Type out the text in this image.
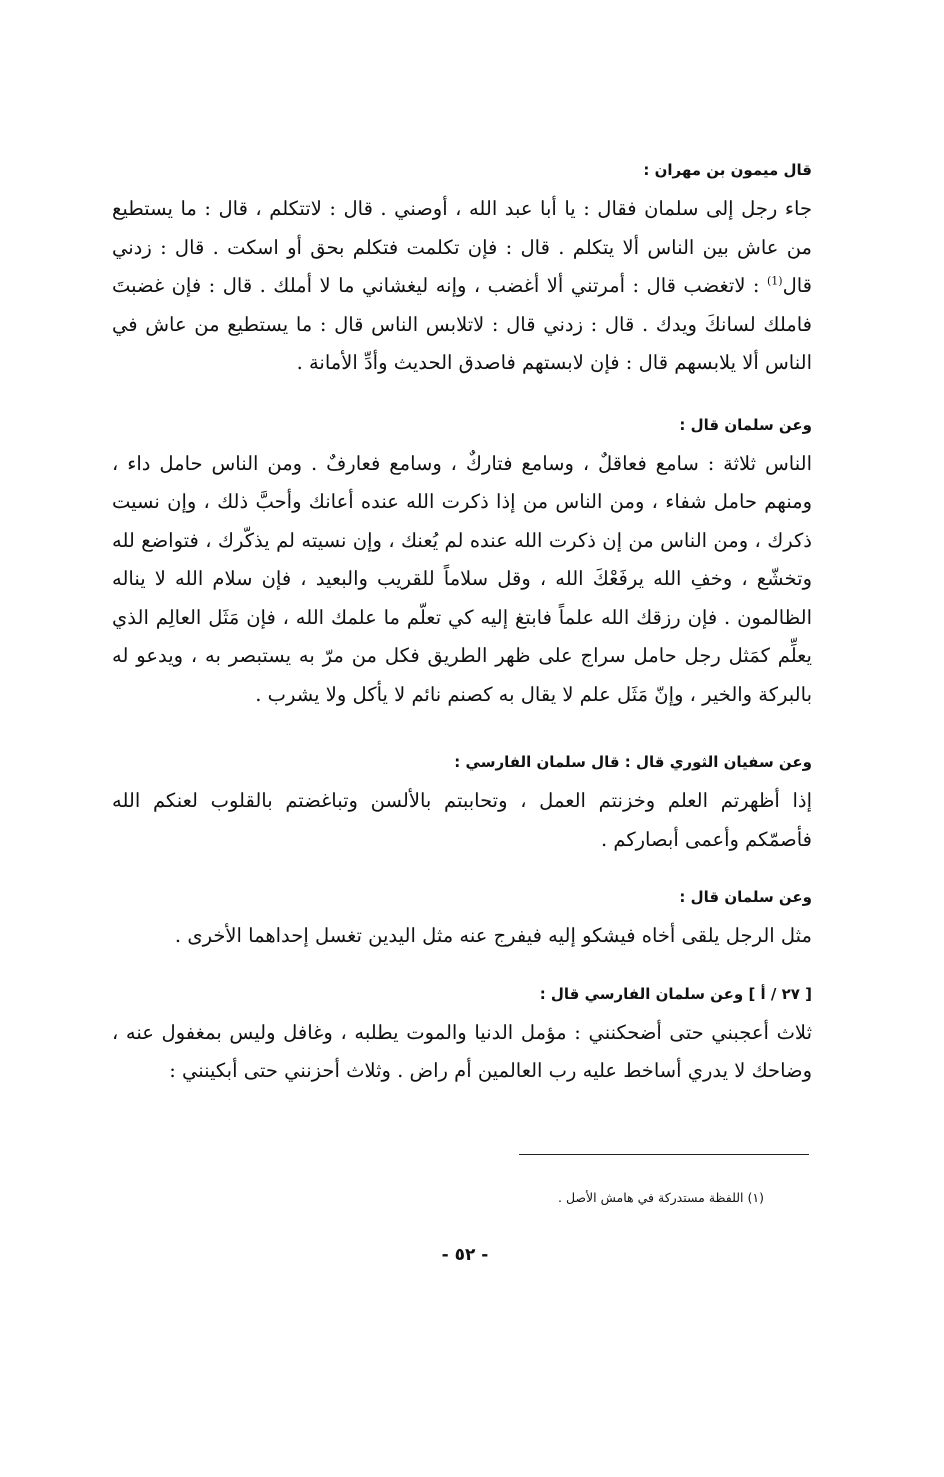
قال ميمون بن مهران :

جاء رجل إلى سلمان فقال : يا أبا عبد الله ، أوصني . قال : لاتتكلم ، قال : ما يستطيع من عاش بين الناس ألا يتكلم . قال : فإن تكلمت فتكلم بحق أو اسكت . قال : زدني قال$^{(1)}$ : لاتغضب قال : أمرتني ألا أغضب ، وإنه ليغشاني ما لا أملك . قال : فإن غضبتَ فاملك لسانكَ ويدك . قال : زدني قال : لاتلابس الناس قال : ما يستطيع من عاش في الناس ألا يلابسهم قال : فإن لابستهم فاصدق الحديث وأدِّ الأمانة .

وعن سلمان قال :

الناس ثلاثة : سامع فعاقلٌ ، وسامع فتاركٌ ، وسامع فعارفٌ . ومن الناس حامل داء ، ومنهم حامل شفاء ، ومن الناس من إذا ذكرت الله عنده أعانك وأحبَّ ذلك ، وإن نسيت ذكرك ، ومن الناس من إن ذكرت الله عنده لم يُعنك ، وإن نسيته لم يذكّرك ، فتواضع لله وتخشّع ، وخفِ الله يرفَعْكَ الله ، وقل سلاماً للقريب والبعيد ، فإن سلام الله لا يناله الظالمون . فإن رزقك الله علماً فابتغ إليه كي تعلّم ما علمك الله ، فإن مَثَل العالِم الذي يعلِّم كمَثل رجل حامل سراج على ظهر الطريق فكل من مرّ به يستبصر به ، ويدعو له بالبركة والخير ، وإنّ مَثَل علم لا يقال به كصنم نائم لا يأكل ولا يشرب .

وعن سفيان الثوري قال : قال سلمان الفارسي :

إذا أظهرتم العلم وخزنتم العمل ، وتحاببتم بالألسن وتباغضتم بالقلوب لعنكم الله فأصمّكم وأعمى أبصاركم .

وعن سلمان قال :

مثل الرجل يلقى أخاه فيشكو إليه فيفرج عنه مثل اليدين تغسل إحداهما الأخرى .

[ ٢٧ / أ ] وعن سلمان الفارسي قال :

ثلاث أعجبني حتى أضحكنني : مؤمل الدنيا والموت يطلبه ، وغافل وليس بمغفول عنه ، وضاحك لا يدري أساخط عليه رب العالمين أم راض . وثلاث أحزنني حتى أبكينني :

(١) اللفظة مستدركة في هامش الأصل .
- ٥٢ -
